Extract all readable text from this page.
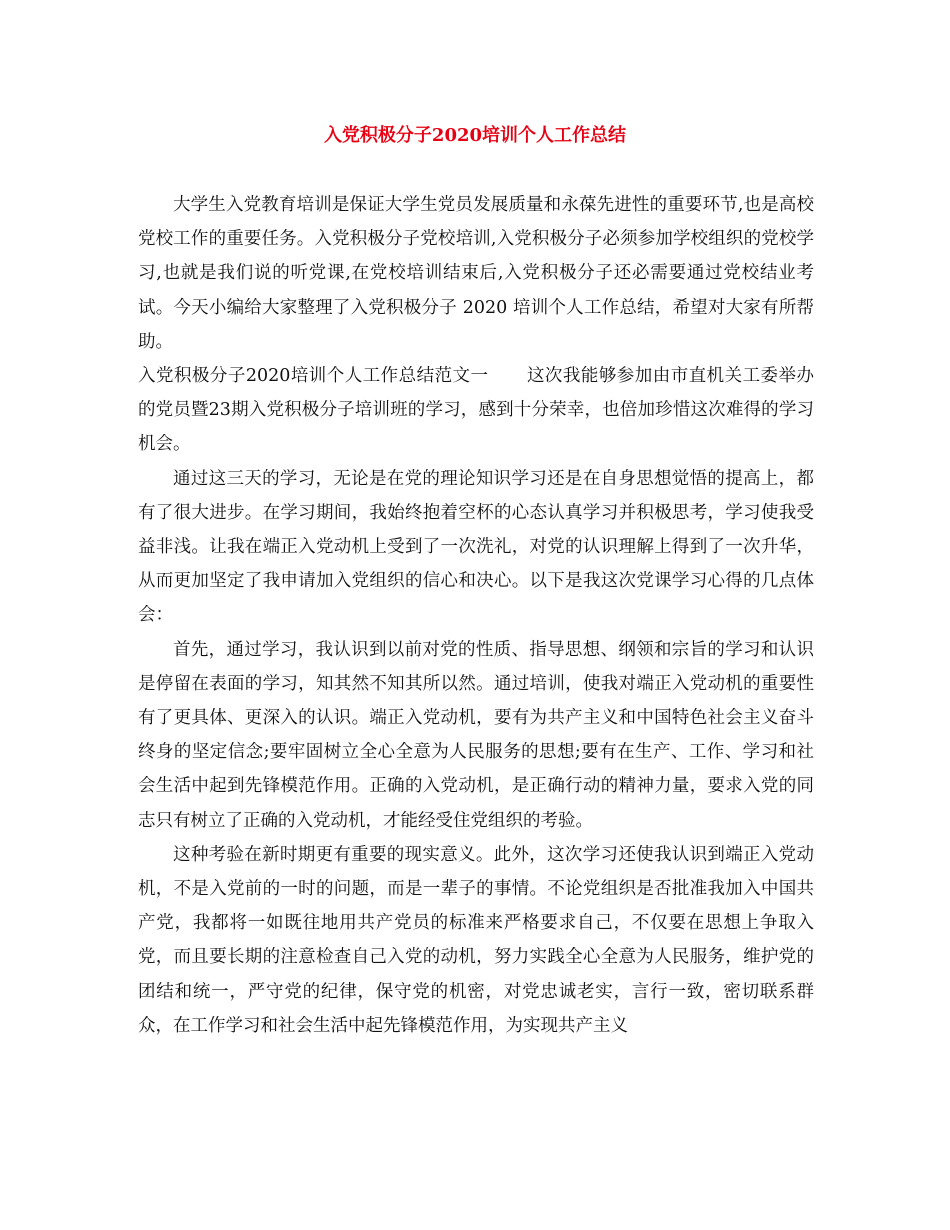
入党积极分子2020培训个人工作总结

大学生入党教育培训是保证大学生党员发展质量和永葆先进性的重要环节,也是高校党校工作的重要任务。入党积极分子党校培训,入党积极分子必须参加学校组织的党校学习,也就是我们说的听党课,在党校培训结束后,入党积极分子还必需要通过党校结业考试。今天小编给大家整理了入党积极分子 2020 培训个人工作总结，希望对大家有所帮助。

入党积极分子2020培训个人工作总结范文一 这次我能够参加由市直机关工委举办的党员暨23期入党积极分子培训班的学习，感到十分荣幸，也倍加珍惜这次难得的学习机会。

通过这三天的学习，无论是在党的理论知识学习还是在自身思想觉悟的提高上，都有了很大进步。在学习期间，我始终抱着空杯的心态认真学习并积极思考，学习使我受益非浅。让我在端正入党动机上受到了一次洗礼，对党的认识理解上得到了一次升华，从而更加坚定了我申请加入党组织的信心和决心。以下是我这次党课学习心得的几点体会：

首先，通过学习，我认识到以前对党的性质、指导思想、纲领和宗旨的学习和认识是停留在表面的学习，知其然不知其所以然。通过培训，使我对端正入党动机的重要性有了更具体、更深入的认识。端正入党动机，要有为共产主义和中国特色社会主义奋斗终身的坚定信念;要牢固树立全心全意为人民服务的思想;要有在生产、工作、学习和社会生活中起到先锋模范作用。正确的入党动机，是正确行动的精神力量，要求入党的同志只有树立了正确的入党动机，才能经受住党组织的考验。

这种考验在新时期更有重要的现实意义。此外，这次学习还使我认识到端正入党动机，不是入党前的一时的问题，而是一辈子的事情。不论党组织是否批准我加入中国共产党，我都将一如既往地用共产党员的标准来严格要求自己，不仅要在思想上争取入党，而且要长期的注意检查自己入党的动机，努力实践全心全意为人民服务，维护党的团结和统一，严守党的纪律，保守党的机密，对党忠诚老实，言行一致，密切联系群众，在工作学习和社会生活中起先锋模范作用，为实现共产主义
